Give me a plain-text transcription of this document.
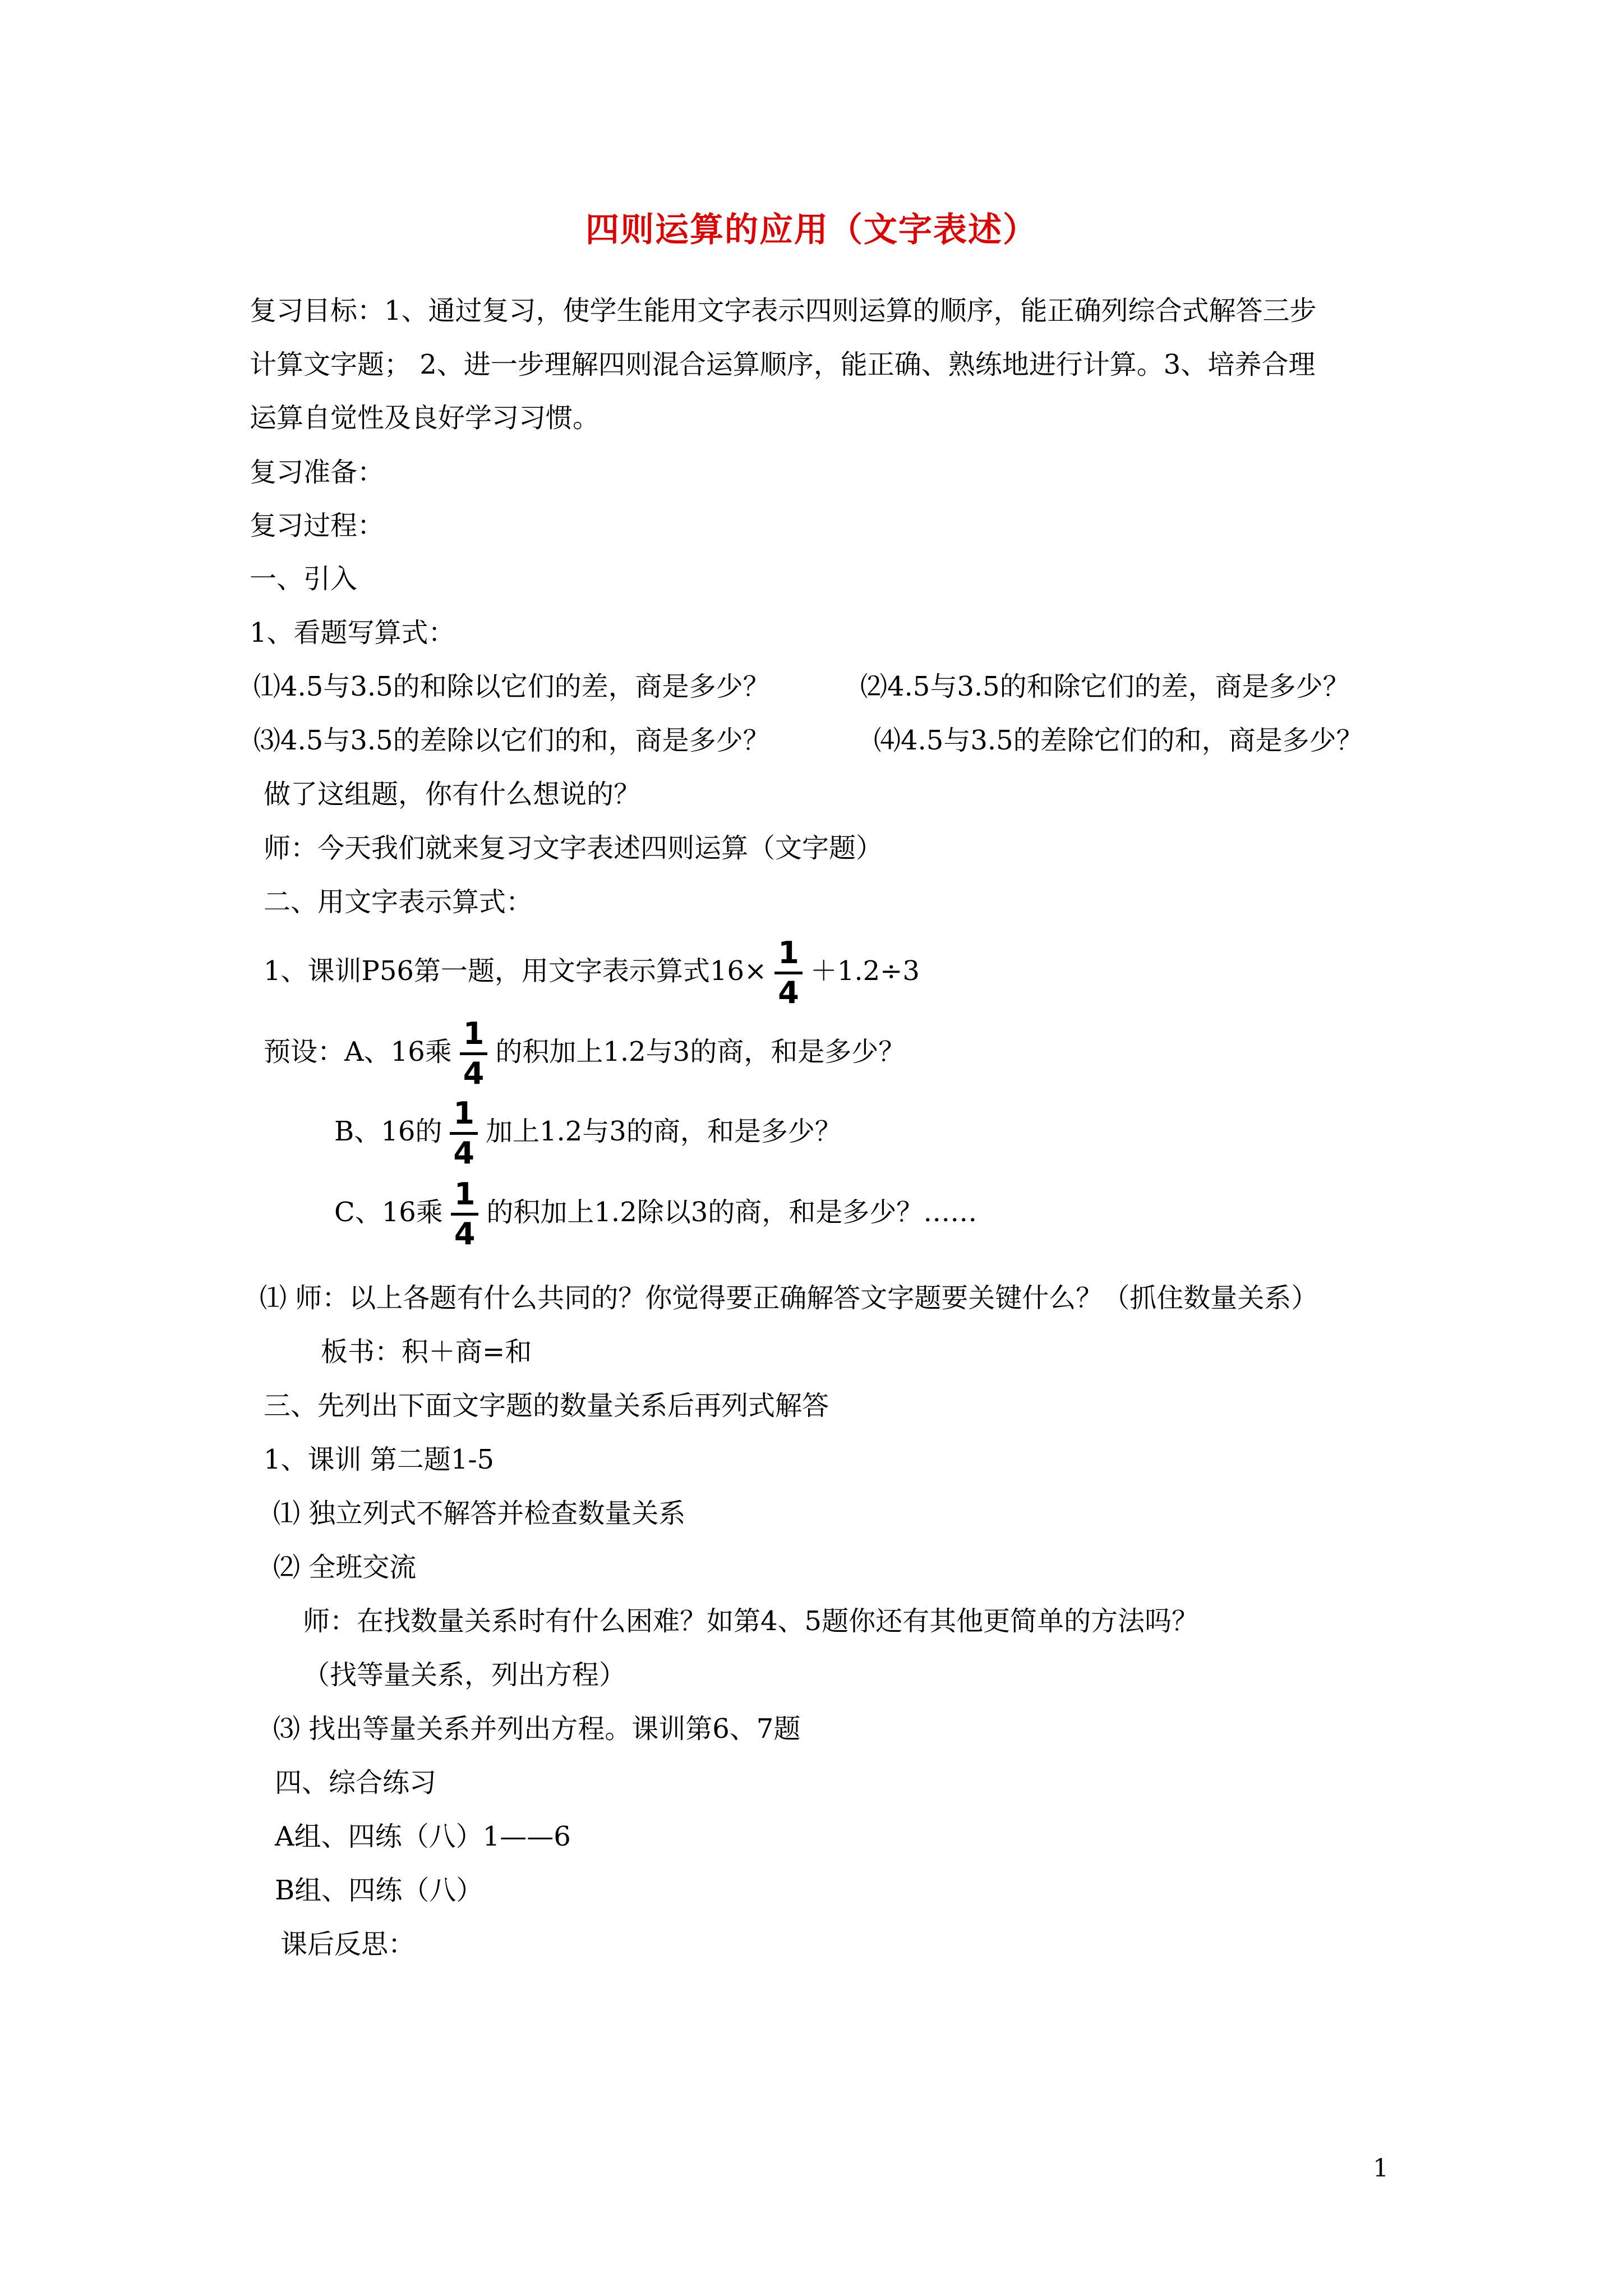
四则运算的应用（文字表述）
复习目标：1、通过复习，使学生能用文字表示四则运算的顺序，能正确列综合式解答三步
计算文字题； 2、进一步理解四则混合运算顺序，能正确、熟练地进行计算。3、培养合理
运算自觉性及良好学习习惯。
复习准备：
复习过程：
一、引入
1、看题写算式：
⑴4.5与3.5的和除以它们的差，商是多少？	⑵4.5与3.5的和除它们的差，商是多少？
⑶4.5与3.5的差除以它们的和，商是多少？	⑷4.5与3.5的差除它们的和，商是多少？
做了这组题，你有什么想说的？
师：今天我们就来复习文字表述四则运算（文字题）
二、用文字表示算式：
1、课训P56第一题，用文字表示算式$16\times \frac{1}{4} +1.2\div 3$
预设：A、16乘 $\frac{1}{4}$ 的积加上1.2与3的商，和是多少？
B、16的 $\frac{1}{4}$ 加上1.2与3的商，和是多少？
C、16乘 $\frac{1}{4}$ 的积加上1.2除以3的商，和是多少？……
⑴ 师：以上各题有什么共同的？你觉得要正确解答文字题要关键什么？（抓住数量关系）
板书：积＋商=和
三、先列出下面文字题的数量关系后再列式解答
1、课训 第二题1-5
⑴ 独立列式不解答并检查数量关系
⑵ 全班交流
师：在找数量关系时有什么困难？如第4、5题你还有其他更简单的方法吗？
（找等量关系，列出方程）
⑶ 找出等量关系并列出方程。课训第6、7题
四、综合练习
A组、四练（八）1——6
B组、四练（八）
课后反思：
1
